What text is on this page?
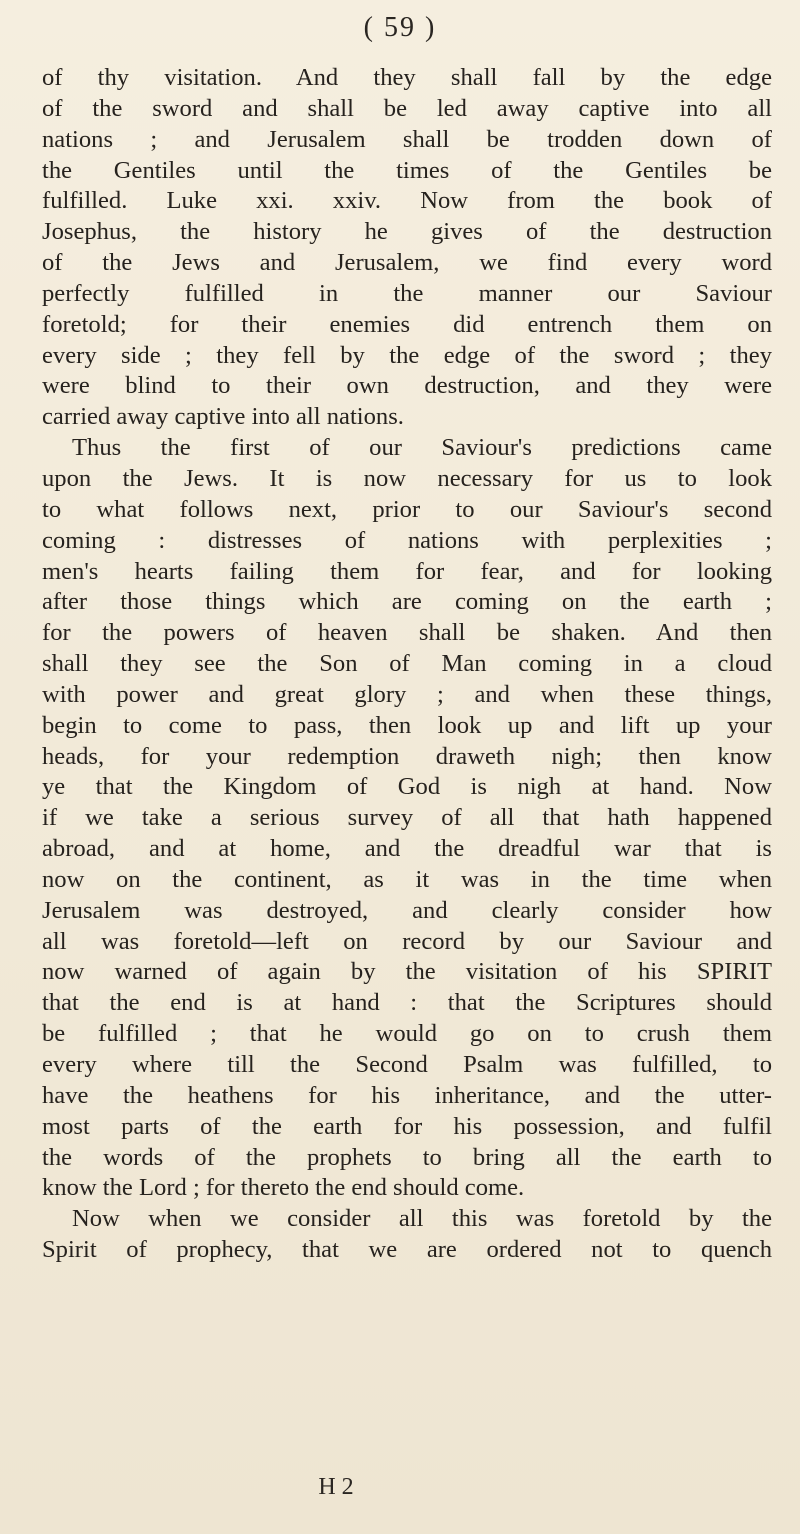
( 59 )
of thy visitation. And they shall fall by the edge
of the sword and shall be led away captive into all
nations ; and Jerusalem shall be trodden down of
the Gentiles until the times of the Gentiles be
fulfilled. Luke xxi. xxiv. Now from the book of
Josephus, the history he gives of the destruction
of the Jews and Jerusalem, we find every word
perfectly fulfilled in the manner our Saviour
foretold; for their enemies did entrench them on
every side ; they fell by the edge of the sword ; they
were blind to their own destruction, and they were
carried away captive into all nations.
Thus the first of our Saviour's predictions came
upon the Jews. It is now necessary for us to look
to what follows next, prior to our Saviour's second
coming : distresses of nations with perplexities ;
men's hearts failing them for fear, and for looking
after those things which are coming on the earth ;
for the powers of heaven shall be shaken. And then
shall they see the Son of Man coming in a cloud
with power and great glory ; and when these things,
begin to come to pass, then look up and lift up your
heads, for your redemption draweth nigh; then know
ye that the Kingdom of God is nigh at hand. Now
if we take a serious survey of all that hath happened
abroad, and at home, and the dreadful war that is
now on the continent, as it was in the time when
Jerusalem was destroyed, and clearly consider how
all was foretold—left on record by our Saviour and
now warned of again by the visitation of his SPIRIT
that the end is at hand : that the Scriptures should
be fulfilled ; that he would go on to crush them
every where till the Second Psalm was fulfilled, to
have the heathens for his inheritance, and the utter-
most parts of the earth for his possession, and fulfil
the words of the prophets to bring all the earth to
know the Lord ; for thereto the end should come.
Now when we consider all this was foretold by the
Spirit of prophecy, that we are ordered not to quench
H 2
